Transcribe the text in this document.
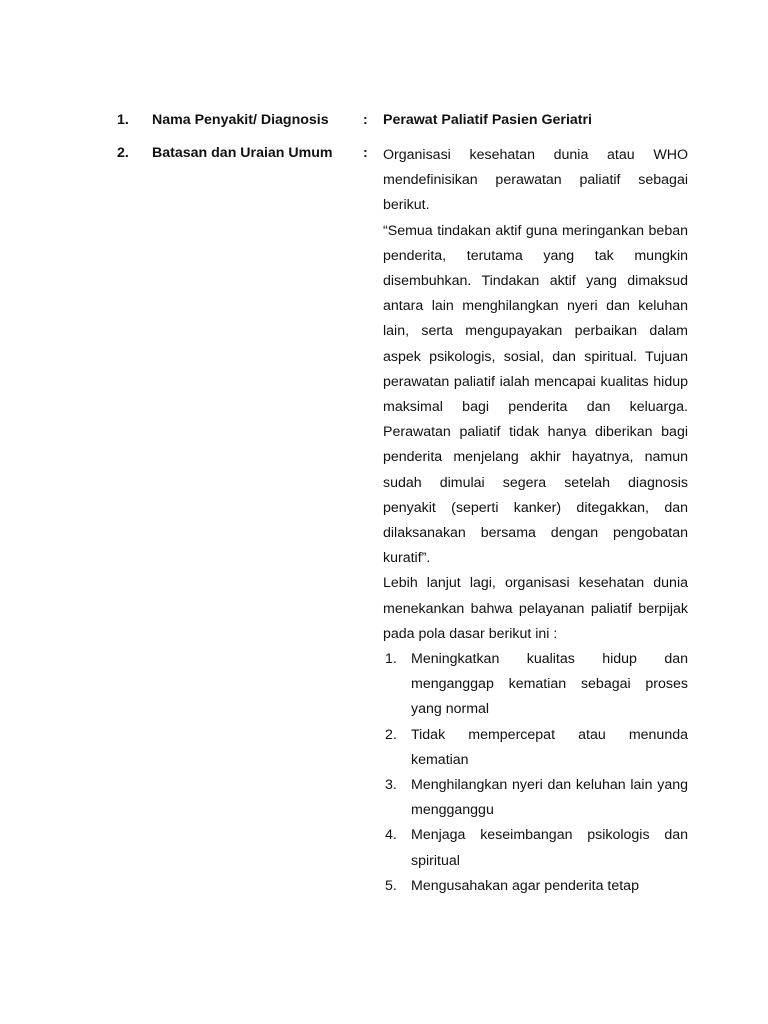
1. Nama Penyakit/ Diagnosis : Perawat Paliatif Pasien Geriatri
2. Batasan dan Uraian Umum : Organisasi kesehatan dunia atau WHO mendefinisikan perawatan paliatif sebagai berikut.

“Semua tindakan aktif guna meringankan beban penderita, terutama yang tak mungkin disembuhkan. Tindakan aktif yang dimaksud antara lain menghilangkan nyeri dan keluhan lain, serta mengupayakan perbaikan dalam aspek psikologis, sosial, dan spiritual. Tujuan perawatan paliatif ialah mencapai kualitas hidup maksimal bagi penderita dan keluarga. Perawatan paliatif tidak hanya diberikan bagi penderita menjelang akhir hayatnya, namun sudah dimulai segera setelah diagnosis penyakit (seperti kanker) ditegakkan, dan dilaksanakan bersama dengan pengobatan kuratif”.

Lebih lanjut lagi, organisasi kesehatan dunia menekankan bahwa pelayanan paliatif berpijak pada pola dasar berikut ini :

1. Meningkatkan kualitas hidup dan menganggap kematian sebagai proses yang normal
2. Tidak mempercepat atau menunda kematian
3. Menghilangkan nyeri dan keluhan lain yang mengganggu
4. Menjaga keseimbangan psikologis dan spiritual
5. Mengusahakan agar penderita tetap
